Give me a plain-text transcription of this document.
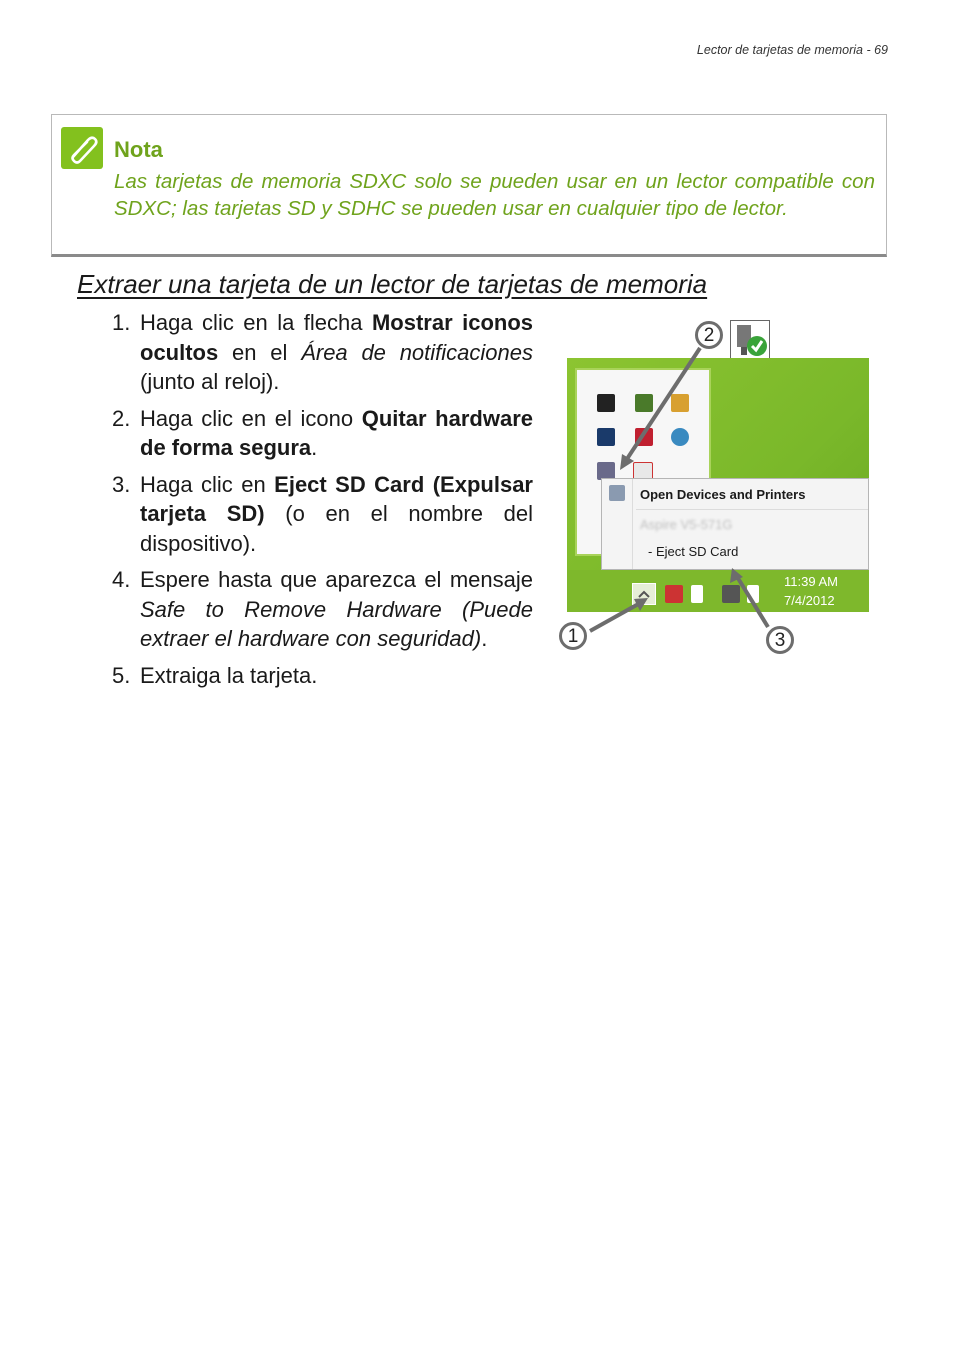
Lector de tarjetas de memoria - 69
Nota
Las tarjetas de memoria SDXC solo se pueden usar en un lector compatible con SDXC; las tarjetas SD y SDHC se pueden usar en cualquier tipo de lector.
Extraer una tarjeta de un lector de tarjetas de memoria
1. Haga clic en la flecha Mostrar iconos ocultos en el Área de notificaciones (junto al reloj).
2. Haga clic en el icono Quitar hardware de forma segura.
3. Haga clic en Eject SD Card (Expulsar tarjeta SD) (o en el nombre del dispositivo).
4. Espere hasta que aparezca el mensaje Safe to Remove Hardware (Puede extraer el hardware con seguridad).
5. Extraiga la tarjeta.
Open Devices and Printers
Aspire V5-571G
- Eject SD Card
11:39 AM
7/4/2012
2
1	3
